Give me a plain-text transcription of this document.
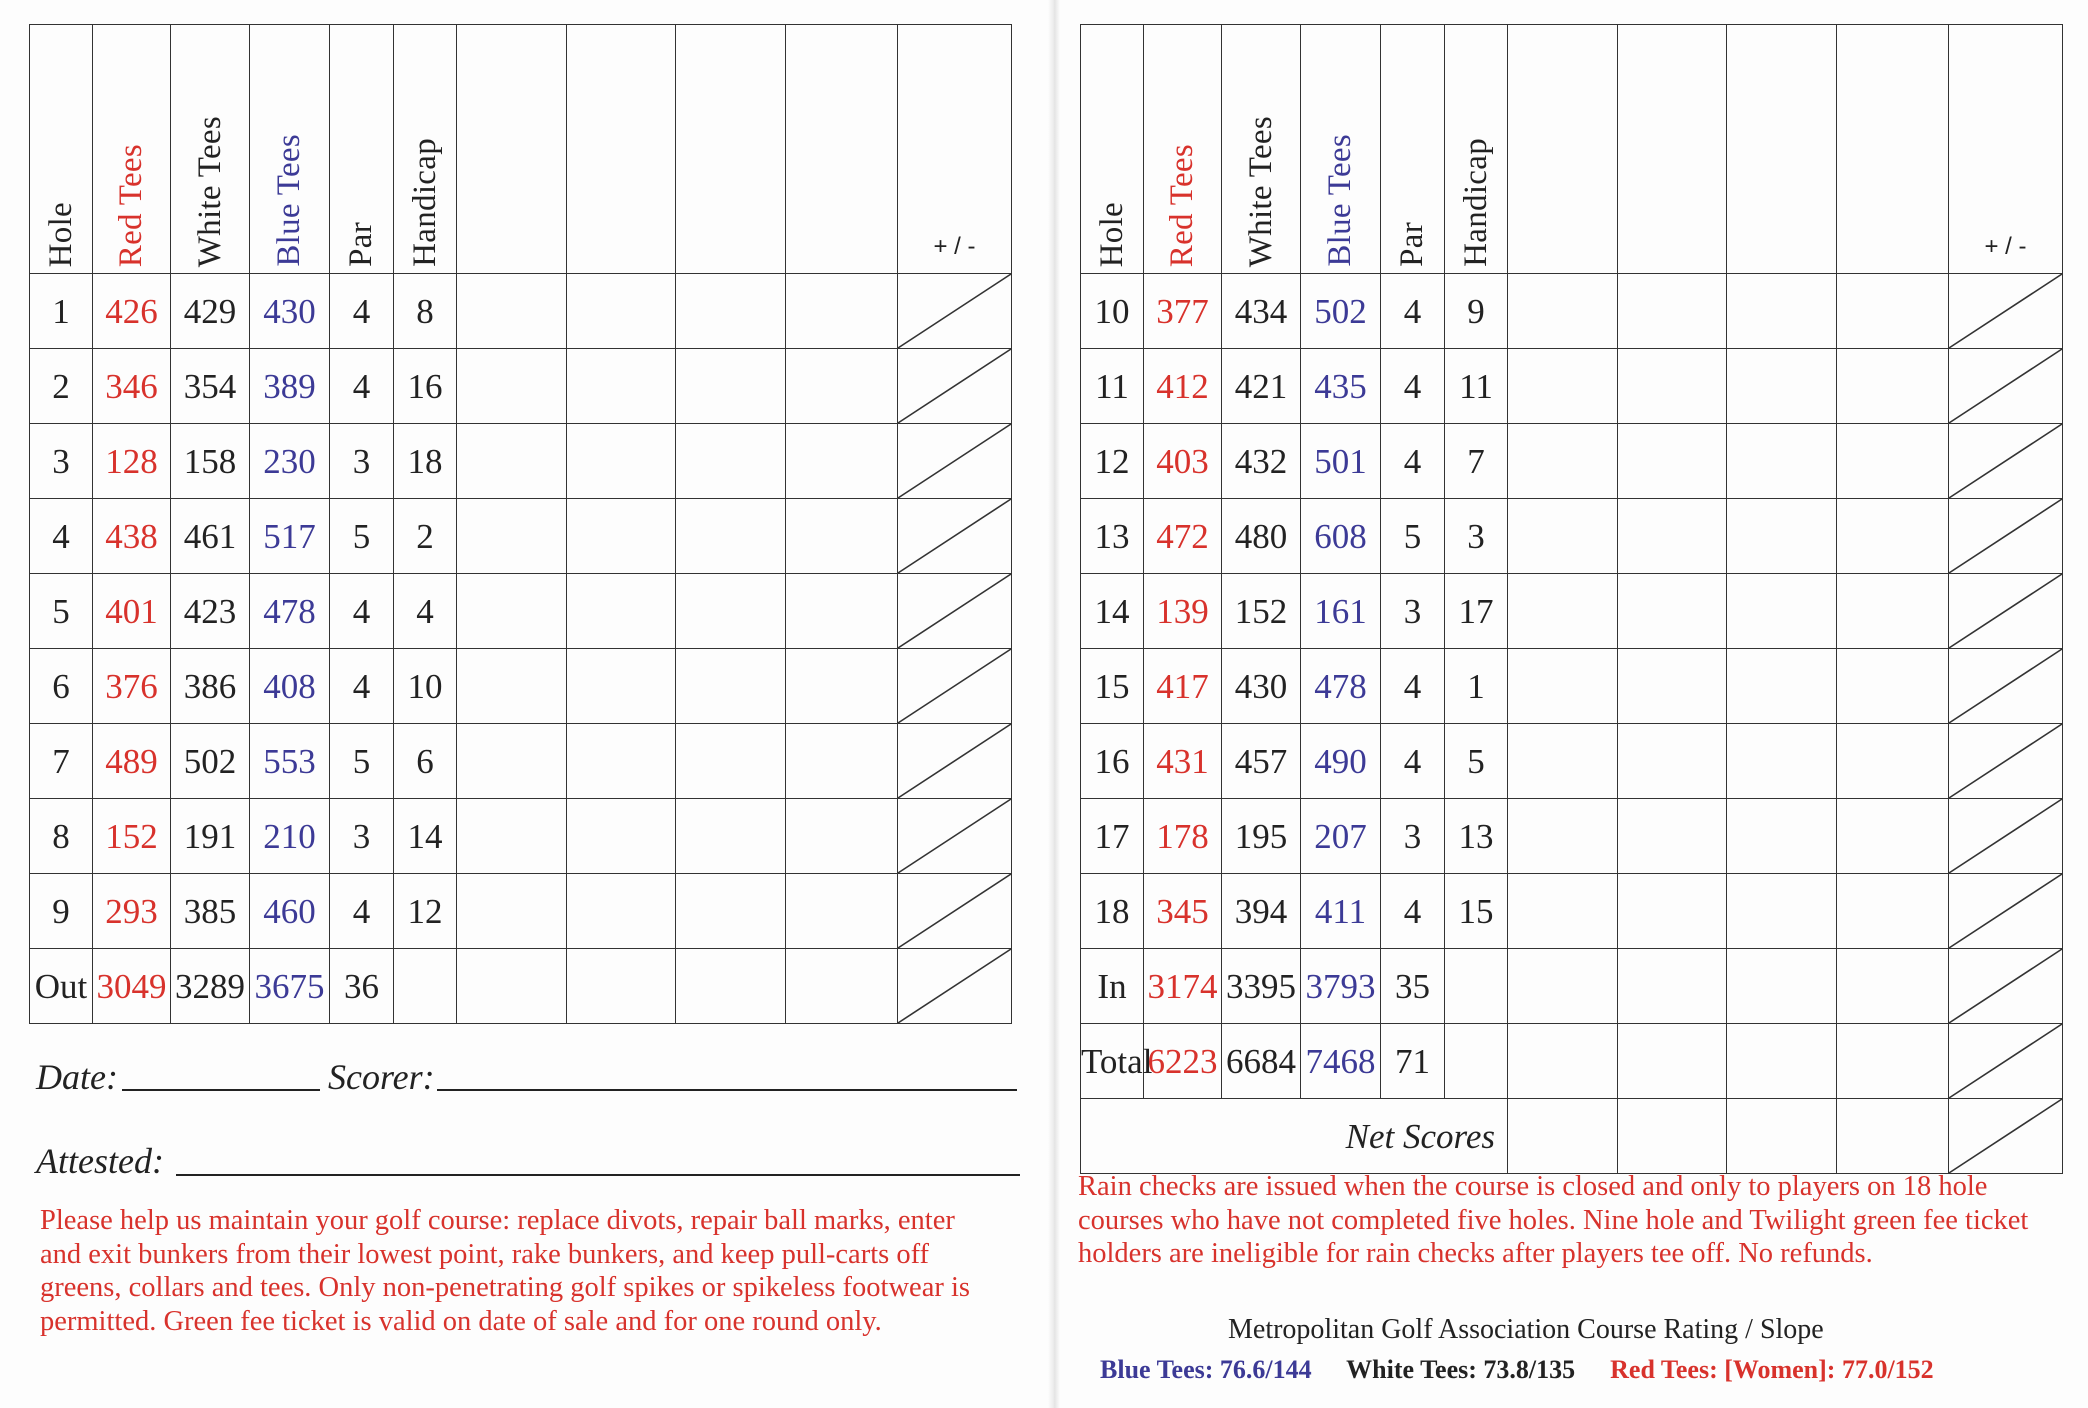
Hole	Red Tees	White Tees	Blue Tees	Par	Handicap					+ / -

1	426	429	430	4	8					

2	346	354	389	4	16					

3	128	158	230	3	18					

4	438	461	517	5	2					

5	401	423	478	4	4					

6	376	386	408	4	10					

7	489	502	553	5	6					

8	152	191	210	3	14					

9	293	385	460	4	12					

Out	3049	3289	3675	36						
Hole	Red Tees	White Tees	Blue Tees	Par	Handicap					+ / -

10	377	434	502	4	9					

11	412	421	435	4	11					

12	403	432	501	4	7					

13	472	480	608	5	3					

14	139	152	161	3	17					

15	417	430	478	4	1					

16	431	457	490	4	5					

17	178	195	207	3	13					

18	345	394	411	4	15					

In	3174	3395	3793	35						

Total	6223	6684	7468	71						

Net Scores					
Date:	Scorer:
Attested:
Please help us maintain your golf course: replace divots, repair ball marks, enter and exit bunkers from their lowest point, rake bunkers, and keep pull-carts off greens, collars and tees. Only non-penetrating golf spikes or spikeless footwear is permitted. Green fee ticket is valid on date of sale and for one round only.
Rain checks are issued when the course is closed and only to players on 18 hole courses who have not completed five holes. Nine hole and Twilight green fee ticket holders are ineligible for rain checks after players tee off. No refunds.
Metropolitan Golf Association Course Rating / Slope
Blue Tees: 76.6/144 White Tees: 73.8/135 Red Tees: [Women]: 77.0/152
